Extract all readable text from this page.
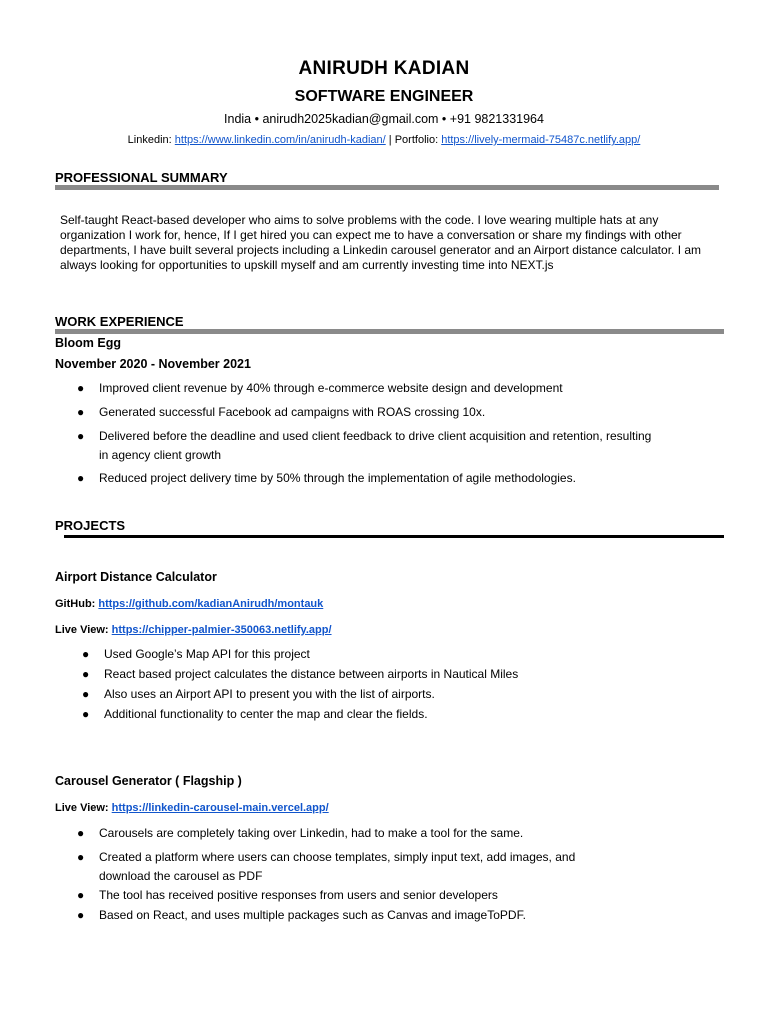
ANIRUDH KADIAN
SOFTWARE ENGINEER
India • anirudh2025kadian@gmail.com • +91 9821331964
Linkedin: https://www.linkedin.com/in/anirudh-kadian/ | Portfolio: https://lively-mermaid-75487c.netlify.app/
PROFESSIONAL SUMMARY
Self-taught React-based developer who aims to solve problems with the code. I love wearing multiple hats at any organization I work for, hence, If I get hired you can expect me to have a conversation or share my findings with other departments, I have built several projects including a Linkedin carousel generator and an Airport distance calculator. I am always looking for opportunities to upskill myself and am currently investing time into NEXT.js
WORK EXPERIENCE
Bloom Egg
November 2020 - November 2021
● Improved client revenue by 40% through e-commerce website design and development
● Generated successful Facebook ad campaigns with ROAS crossing 10x.
● Delivered before the deadline and used client feedback to drive client acquisition and retention, resulting in agency client growth
● Reduced project delivery time by 50% through the implementation of agile methodologies.
PROJECTS
Airport Distance Calculator
GitHub: https://github.com/kadianAnirudh/montauk
Live View: https://chipper-palmier-350063.netlify.app/
● Used Google’s Map API for this project
● React based project calculates the distance between airports in Nautical Miles
● Also uses an Airport API to present you with the list of airports.
● Additional functionality to center the map and clear the fields.
Carousel Generator ( Flagship )
Live View: https://linkedin-carousel-main.vercel.app/
● Carousels are completely taking over Linkedin, had to make a tool for the same.
● Created a platform where users can choose templates, simply input text, add images, and download the carousel as PDF
● The tool has received positive responses from users and senior developers
● Based on React, and uses multiple packages such as Canvas and imageToPDF.
